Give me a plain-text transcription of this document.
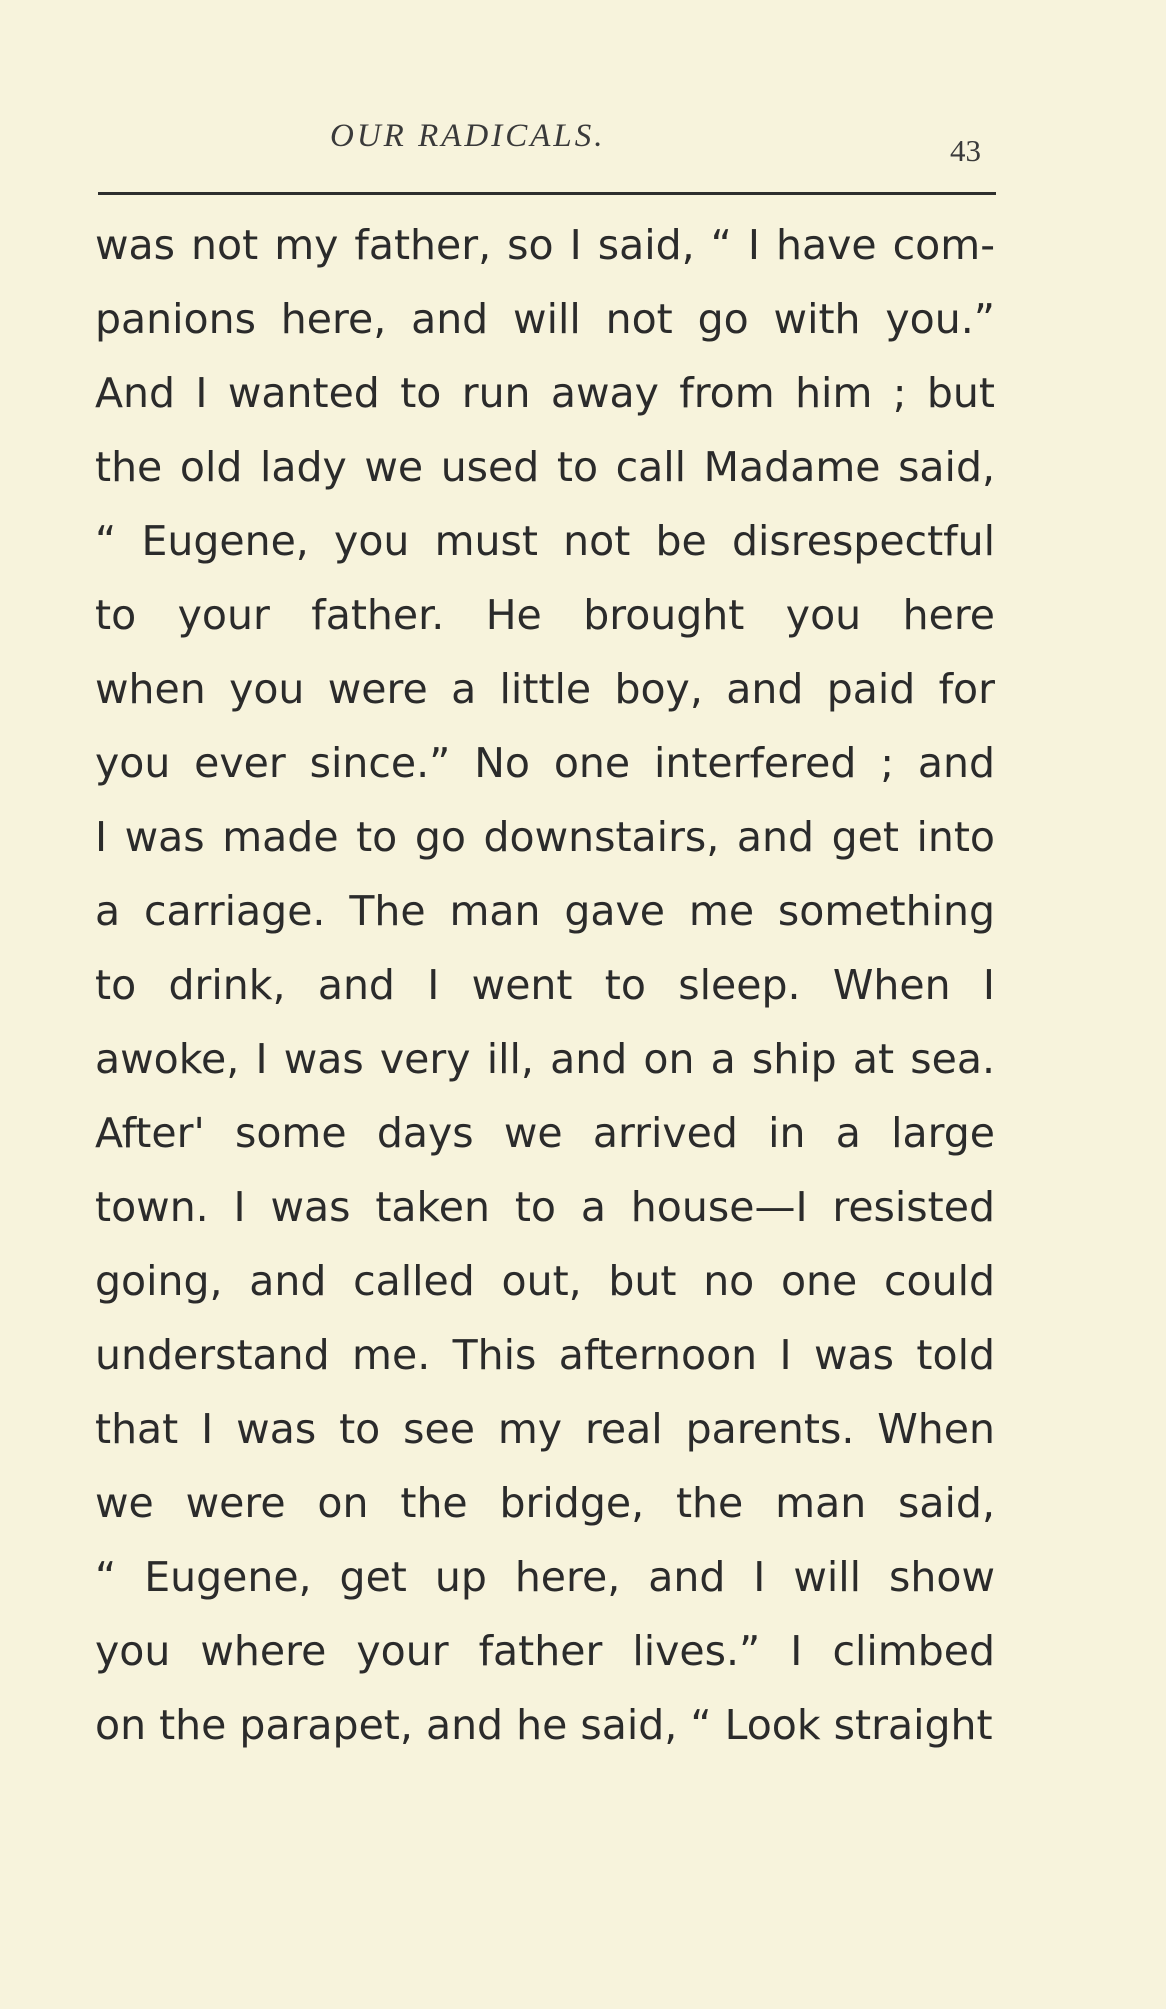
OUR RADICALS.	43
was not my father, so I said, “ I have com-
panions here, and will not go with you.”
And I wanted to run away from him ; but
the old lady we used to call Madame said,
“ Eugene, you must not be disrespectful
to your father. He brought you here
when you were a little boy, and paid for
you ever since.” No one interfered ; and
I was made to go downstairs, and get into
a carriage. The man gave me something
to drink, and I went to sleep. When I
awoke, I was very ill, and on a ship at sea.
After' some days we arrived in a large
town. I was taken to a house—I resisted
going, and called out, but no one could
understand me. This afternoon I was told
that I was to see my real parents. When
we were on the bridge, the man said,
“ Eugene, get up here, and I will show
you where your father lives.” I climbed
on the parapet, and he said, “ Look straight
